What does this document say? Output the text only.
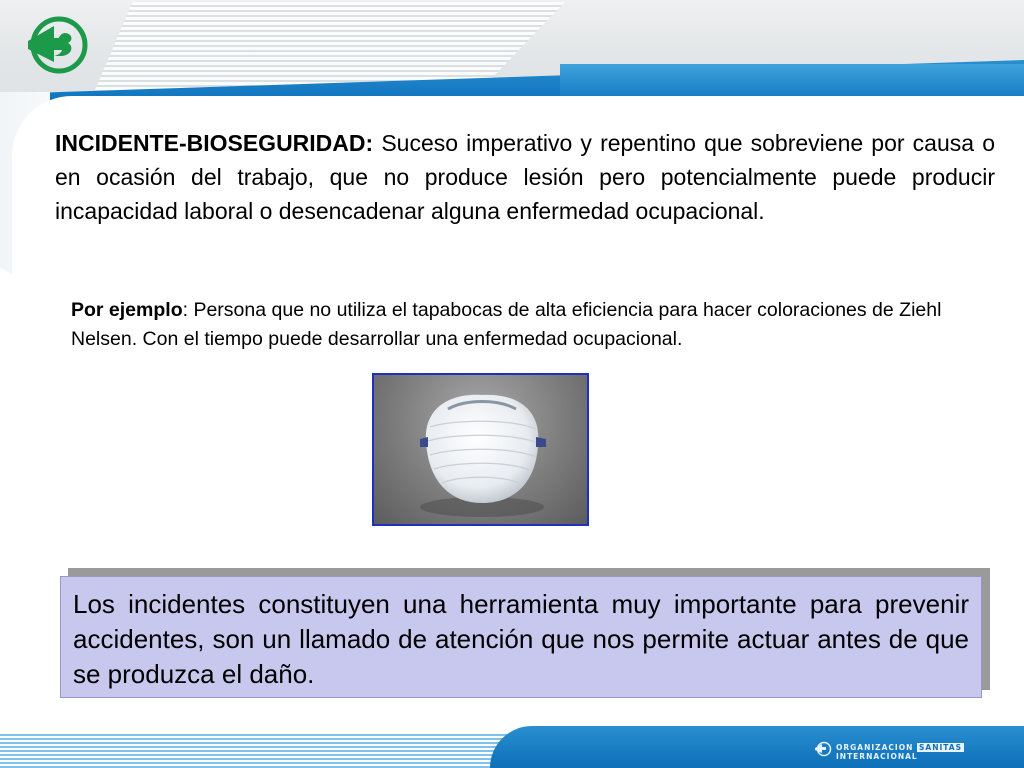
INCIDENTE-BIOSEGURIDAD: Suceso imperativo y repentino que sobreviene por causa o en ocasión del trabajo, que no produce lesión pero potencialmente puede producir incapacidad laboral o desencadenar alguna enfermedad ocupacional.

Por ejemplo: Persona que no utiliza el tapabocas de alta eficiencia para hacer coloraciones de Ziehl Nelsen. Con el tiempo puede desarrollar una enfermedad ocupacional.

Los incidentes constituyen una herramienta muy importante para prevenir accidentes, son un llamado de atención que nos permite actuar antes de que se produzca el daño.

ORGANIZACION SANITAS INTERNACIONAL
